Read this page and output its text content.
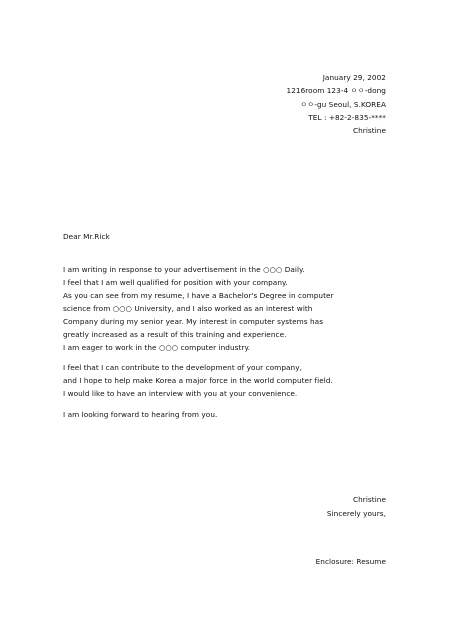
January 29, 2002
1216room 123-4 ㅇㅇ-dong
ㅇㅇ-gu Seoul, S.KOREA
TEL : +82-2-835-****
Christine
Dear Mr.Rick
I am writing in response to your advertisement in the ○○○ Daily.
I feel that I am well qualified for position with your company.
As you can see from my resume, I have a Bachelor's Degree in computer
science from ○○○ University, and I also worked as an interest with
Company during my senior year. My interest in computer systems has
greatly increased as a result of this training and experience.
I am eager to work in the ○○○ computer industry.
I feel that I can contribute to the development of your company,
and I hope to help make Korea a major force in the world computer field.
I would like to have an interview with you at your convenience.
I am looking forward to hearing from you.
Christine
Sincerely yours,
Enclosure: Resume
